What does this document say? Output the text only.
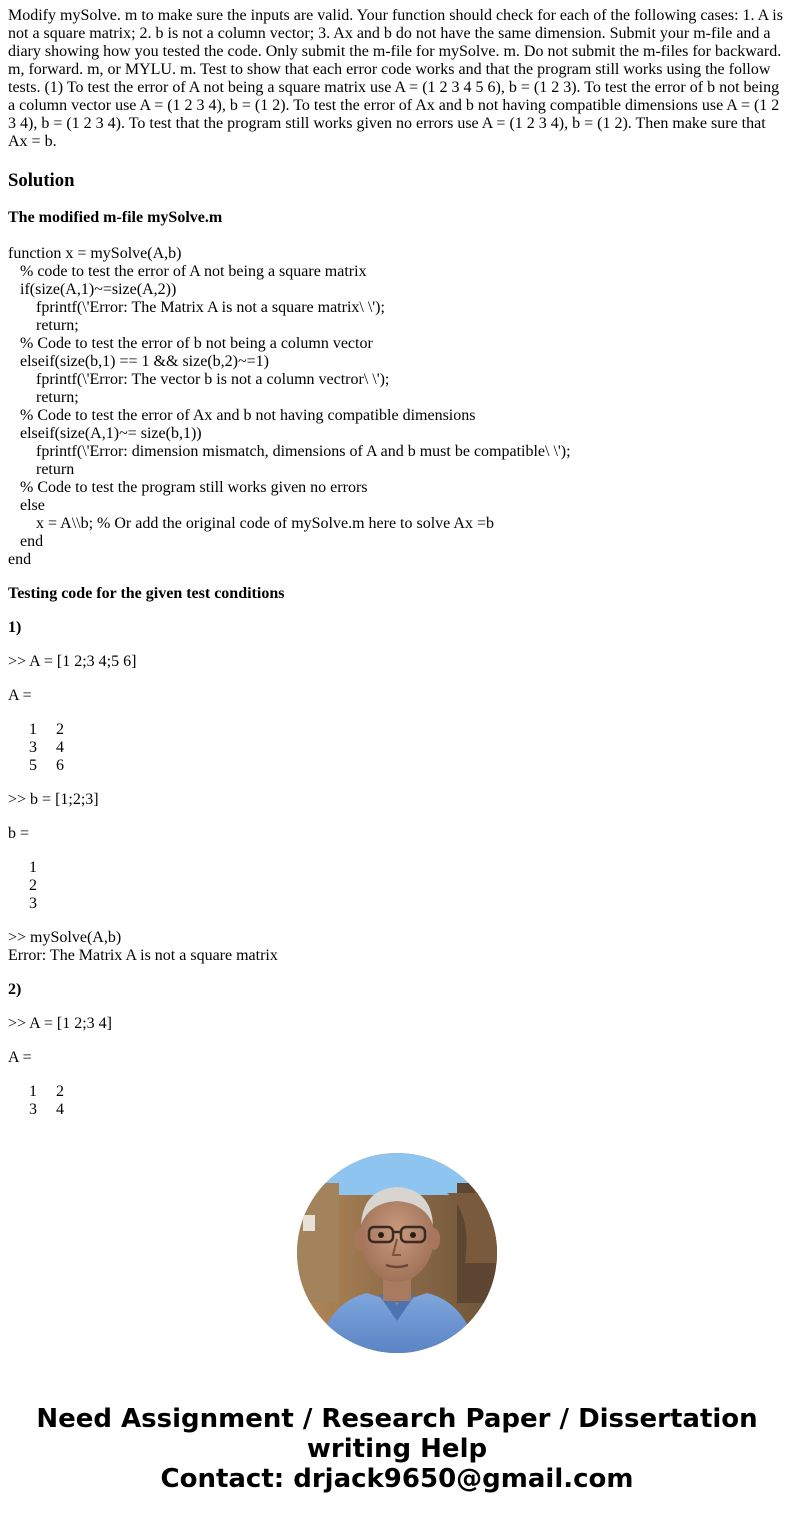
Modify mySolve. m to make sure the inputs are valid. Your function should check for each of the following cases: 1. A is not a square matrix; 2. b is not a column vector; 3. Ax and b do not have the same dimension. Submit your m-file and a diary showing how you tested the code. Only submit the m-file for mySolve. m. Do not submit the m-files for backward. m, forward. m, or MYLU. m. Test to show that each error code works and that the program still works using the follow tests. (1) To test the error of A not being a square matrix use A = (1 2 3 4 5 6), b = (1 2 3). To test the error of b not being a column vector use A = (1 2 3 4), b = (1 2). To test the error of Ax and b not having compatible dimensions use A = (1 2 3 4), b = (1 2 3 4). To test that the program still works given no errors use A = (1 2 3 4), b = (1 2). Then make sure that Ax = b.

Solution

The modified m-file mySolve.m

function x = mySolve(A,b)
% code to test the error of A not being a square matrix
if(size(A,1)~=size(A,2))
fprintf(\'Error: The Matrix A is not a square matrix\ \');
return;
% Code to test the error of b not being a column vector
elseif(size(b,1) == 1 && size(b,2)~=1)
fprintf(\'Error: The vector b is not a column vectror\ \');
return;
% Code to test the error of Ax and b not having compatible dimensions
elseif(size(A,1)~= size(b,1))
fprintf(\'Error: dimension mismatch, dimensions of A and b must be compatible\ \');
return
% Code to test the program still works given no errors
else
x = A\\b; % Or add the original code of mySolve.m here to solve Ax =b
end
end

Testing code for the given test conditions

1)

>> A = [1 2;3 4;5 6]

A =

1 2
3 4
5 6

>> b = [1;2;3]

b =

1
2
3

>> mySolve(A,b)

Error: The Matrix A is not a square matrix

2)

>> A = [1 2;3 4]

A =

1 2
3 4
Need Assignment / Research Paper / Dissertation
writing Help
Contact: drjack9650@gmail.com
